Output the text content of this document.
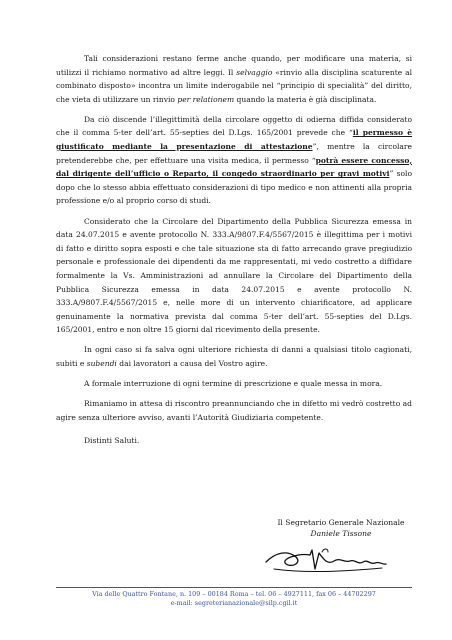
Tali considerazioni restano ferme anche quando, per modificare una materia, si utilizzi il richiamo normativo ad altre leggi. Il selvaggio «rinvio alla disciplina scaturente al combinato disposto» incontra un limite inderogabile nel “principio di specialità” del diritto, che vieta di utilizzare un rinvio per relationem quando la materia è già disciplinata.

Da ciò discende l’illegittimità della circolare oggetto di odierna diffida considerato che il comma 5-ter dell’art. 55-septies del D.Lgs. 165/2001 prevede che “il permesso è giustificato mediante la presentazione di attestazione”, mentre la circolare pretenderebbe che, per effettuare una visita medica, il permesso “potrà essere concesso, dal dirigente dell’ufficio o Reparto, il congedo straordinario per gravi motivi” solo dopo che lo stesso abbia effettuato considerazioni di tipo medico e non attinenti alla propria professione e/o al proprio corso di studi.

Considerato che la Circolare del Dipartimento della Pubblica Sicurezza emessa in data 24.07.2015 e avente protocollo N. 333.A/9807.F.4/5567/2015 è illegittima per i motivi di fatto e diritto sopra esposti e che tale situazione sta di fatto arrecando grave pregiudizio personale e professionale dei dipendenti da me rappresentati, mi vedo costretto a diffidare formalmente la Vs. Amministrazioni ad annullare la Circolare del Dipartimento della Pubblica Sicurezza emessa in data 24.07.2015 e avente protocollo N. 333.A/9807.F.4/5567/2015 e, nelle more di un intervento chiarificatore, ad applicare genuinamente la normativa prevista dal comma 5-ter dell’art. 55-septies del D.Lgs. 165/2001, entro e non oltre 15 giorni dal ricevimento della presente.

In ogni caso si fa salva ogni ulteriore richiesta di danni a qualsiasi titolo cagionati, subiti e subendi dai lavoratori a causa del Vostro agire.

A formale interruzione di ogni termine di prescrizione e quale messa in mora.

Rimaniamo in attesa di riscontro preannunciando che in difetto mi vedrò costretto ad agire senza ulteriore avviso, avanti l’Autorità Giudiziaria competente.

Distinti Saluti.

Il Segretario Generale Nazionale
Daniele Tissone
Via delle Quattro Fontane, n. 109 – 00184 Roma – tel. 06 – 4927111, fax 06 – 44702297
e-mail: segreterianazionale@silp.cgil.it
